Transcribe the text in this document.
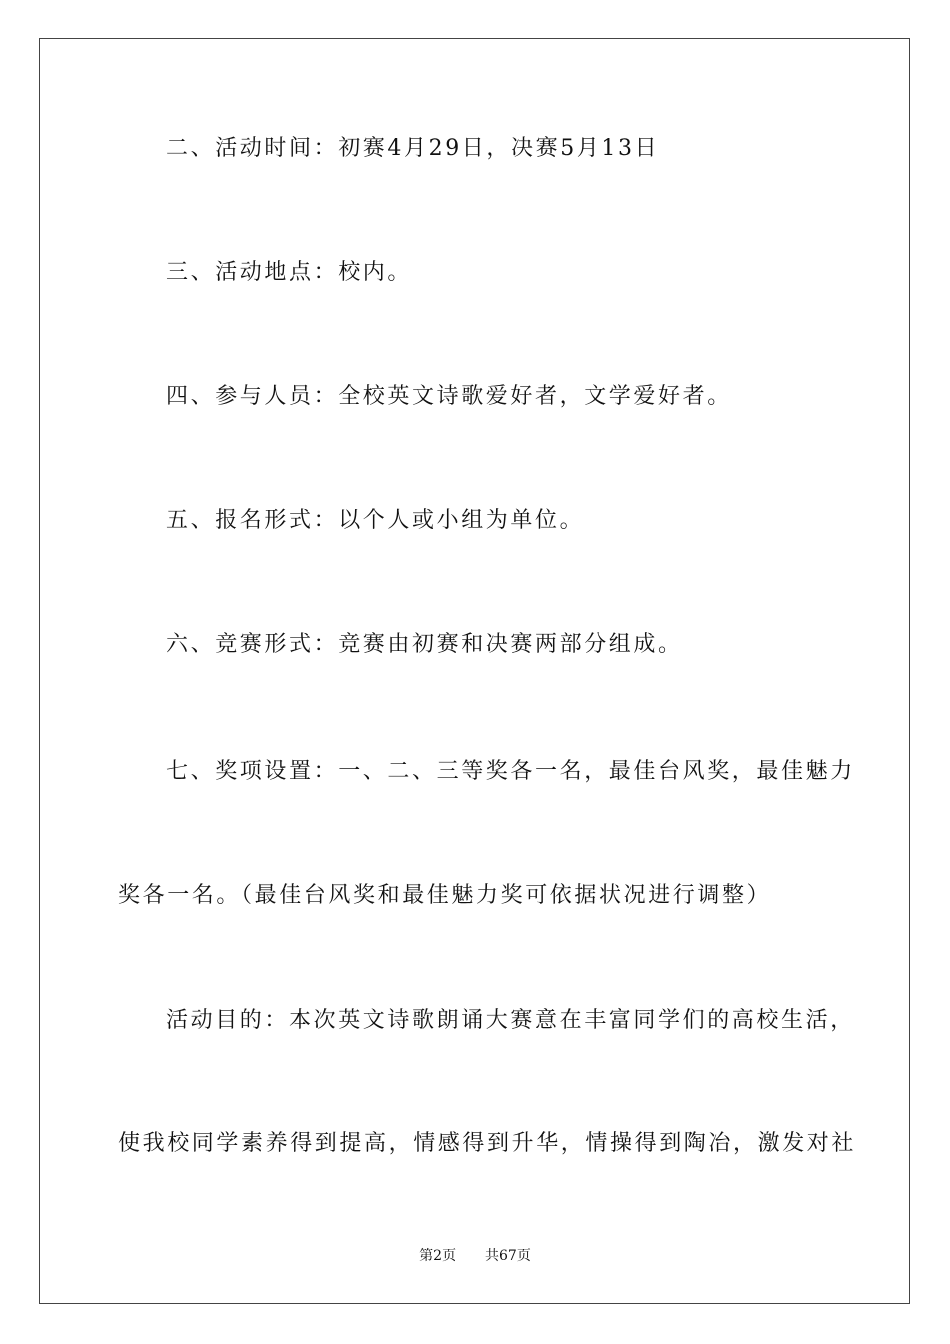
二、活动时间：初赛4月29日，决赛5月13日
三、活动地点：校内。
四、参与人员：全校英文诗歌爱好者，文学爱好者。
五、报名形式：以个人或小组为单位。
六、竞赛形式：竞赛由初赛和决赛两部分组成。
七、奖项设置：一、二、三等奖各一名，最佳台风奖，最佳魅力
奖各一名。（最佳台风奖和最佳魅力奖可依据状况进行调整）
活动目的：本次英文诗歌朗诵大赛意在丰富同学们的高校生活，
使我校同学素养得到提高，情感得到升华，情操得到陶冶，激发对社
第2页 共67页
